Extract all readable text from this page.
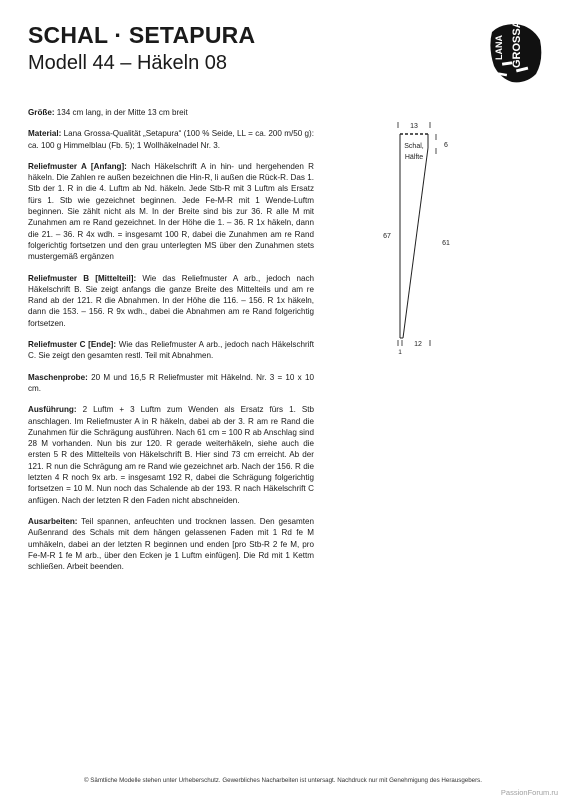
SCHAL · SETAPURA
Modell 44 – Häkeln 08
LANA GROSSA

Größe: 134 cm lang, in der Mitte 13 cm breit

Material: Lana Grossa-Qualität „Setapura“ (100 % Seide, LL = ca. 200 m/50 g): ca. 100 g Himmelblau (Fb. 5); 1 Wollhäkelnadel Nr. 3.

Reliefmuster A [Anfang]: Nach Häkelschrift A in hin- und hergehenden R häkeln. Die Zahlen re außen bezeichnen die Hin-R, li außen die Rück-R. Das 1. Stb der 1. R in die 4. Luftm ab Nd. häkeln. Jede Stb-R mit 3 Luftm als Ersatz fürs 1. Stb wie gezeichnet beginnen. Jede Fe-M-R mit 1 Wende-Luftm beginnen. Sie zählt nicht als M. In der Breite sind bis zur 36. R alle M mit Zunahmen am re Rand gezeichnet. In der Höhe die 1. – 36. R 1x häkeln, dann die 21. – 36. R 4x wdh. = insgesamt 100 R, dabei die Zunahmen am re Rand folgerichtig fortsetzen und den grau unterlegten MS über den Zunahmen stets mustergemäß ergänzen

Reliefmuster B [Mittelteil]: Wie das Reliefmuster A arb., jedoch nach Häkelschrift B. Sie zeigt anfangs die ganze Breite des Mittelteils und am re Rand ab der 121. R die Abnahmen. In der Höhe die 116. – 156. R 1x häkeln, dann die 153. – 156. R 9x wdh., dabei die Abnahmen am re Rand folgerichtig fortsetzen.

Reliefmuster C [Ende]: Wie das Reliefmuster A arb., jedoch nach Häkelschrift C. Sie zeigt den gesamten restl. Teil mit Abnahmen.

Maschenprobe: 20 M und 16,5 R Reliefmuster mit Häkelnd. Nr. 3 = 10 x 10 cm.

Ausführung: 2 Luftm + 3 Luftm zum Wenden als Ersatz fürs 1. Stb anschlagen. Im Reliefmuster A in R häkeln, dabei ab der 3. R am re Rand die Zunahmen für die Schrägung ausführen. Nach 61 cm = 100 R ab Anschlag sind 28 M vorhanden. Nun bis zur 120. R gerade weiterhäkeln, siehe auch die ersten 5 R des Mittelteils von Häkelschrift B. Hier sind 73 cm erreicht. Ab der 121. R nun die Schrägung am re Rand wie gezeichnet arb. Nach der 156. R die letzten 4 R noch 9x arb. = insgesamt 192 R, dabei die Schrägung folgerichtig fortsetzen = 10 M. Nun noch das Schalende ab der 193. R nach Häkelschrift C anfügen. Nach der letzten R den Faden nicht abschneiden.

Ausarbeiten: Teil spannen, anfeuchten und trocknen lassen. Den gesamten Außenrand des Schals mit dem hängen gelassenen Faden mit 1 Rd fe M umhäkeln, dabei an der letzten R beginnen und enden [pro Stb-R 2 fe M, pro Fe-M-R 1 fe M arb., über den Ecken je 1 Luftm einfügen]. Die Rd mit 1 Kettm schließen. Arbeit beenden.

13
6
Schal,
Hälfte
67
61
12
1
© Sämtliche Modelle stehen unter Urheberschutz. Gewerbliches Nacharbeiten ist untersagt. Nachdruck nur mit Genehmigung des Herausgebers.
PassionForum.ru
